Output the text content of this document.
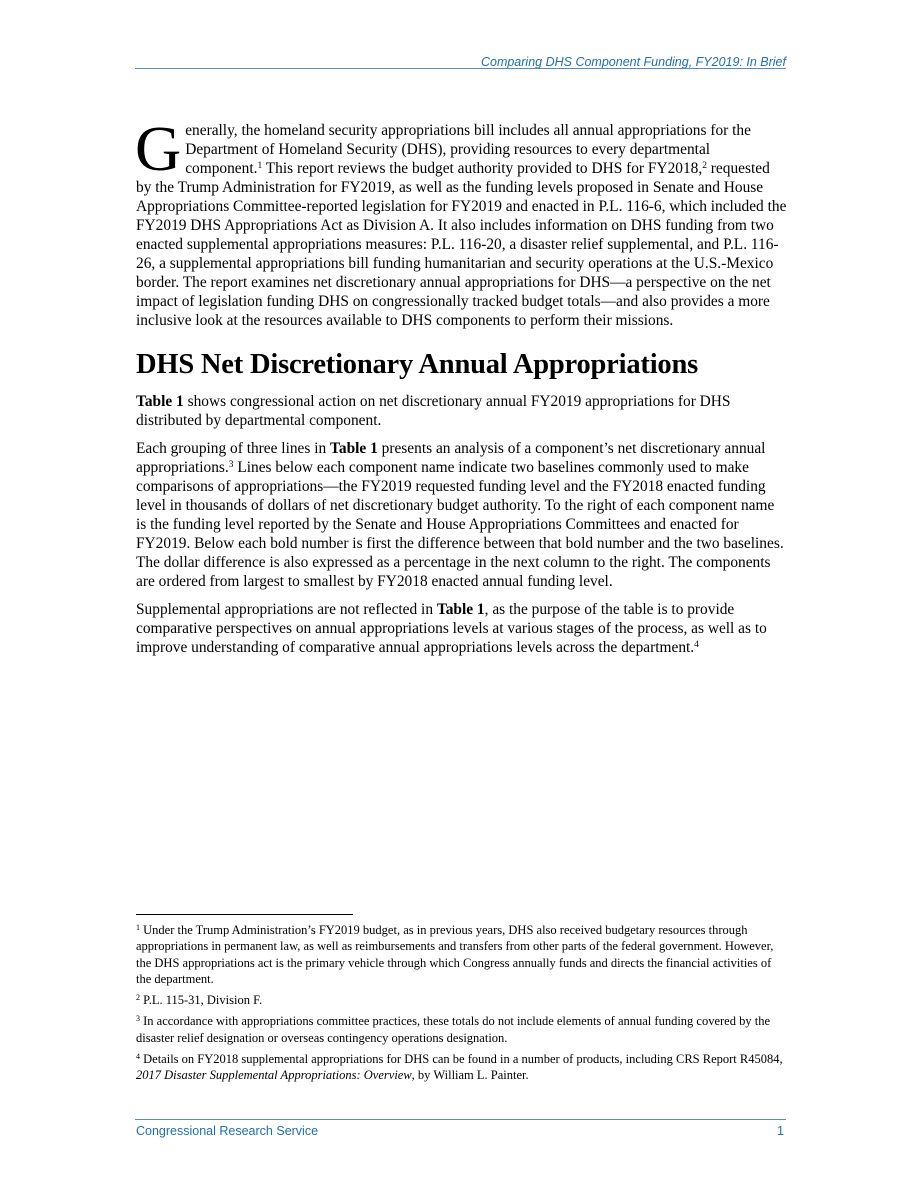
Comparing DHS Component Funding, FY2019: In Brief

Generally, the homeland security appropriations bill includes all annual appropriations for the Department of Homeland Security (DHS), providing resources to every departmental component.$^1$ This report reviews the budget authority provided to DHS for FY2018,$^2$ requested by the Trump Administration for FY2019, as well as the funding levels proposed in Senate and House Appropriations Committee-reported legislation for FY2019 and enacted in P.L. 116-6, which included the FY2019 DHS Appropriations Act as Division A. It also includes information on DHS funding from two enacted supplemental appropriations measures: P.L. 116-20, a disaster relief supplemental, and P.L. 116-26, a supplemental appropriations bill funding humanitarian and security operations at the U.S.-Mexico border. The report examines net discretionary annual appropriations for DHS—a perspective on the net impact of legislation funding DHS on congressionally tracked budget totals—and also provides a more inclusive look at the resources available to DHS components to perform their missions.

DHS Net Discretionary Annual Appropriations

Table 1 shows congressional action on net discretionary annual FY2019 appropriations for DHS distributed by departmental component.

Each grouping of three lines in Table 1 presents an analysis of a component’s net discretionary annual appropriations.$^3$ Lines below each component name indicate two baselines commonly used to make comparisons of appropriations—the FY2019 requested funding level and the FY2018 enacted funding level in thousands of dollars of net discretionary budget authority. To the right of each component name is the funding level reported by the Senate and House Appropriations Committees and enacted for FY2019. Below each bold number is first the difference between that bold number and the two baselines. The dollar difference is also expressed as a percentage in the next column to the right. The components are ordered from largest to smallest by FY2018 enacted annual funding level.

Supplemental appropriations are not reflected in Table 1, as the purpose of the table is to provide comparative perspectives on annual appropriations levels at various stages of the process, as well as to improve understanding of comparative annual appropriations levels across the department.$^4$

$^1$ Under the Trump Administration’s FY2019 budget, as in previous years, DHS also received budgetary resources through appropriations in permanent law, as well as reimbursements and transfers from other parts of the federal government. However, the DHS appropriations act is the primary vehicle through which Congress annually funds and directs the financial activities of the department.

$^2$ P.L. 115-31, Division F.

$^3$ In accordance with appropriations committee practices, these totals do not include elements of annual funding covered by the disaster relief designation or overseas contingency operations designation.

$^4$ Details on FY2018 supplemental appropriations for DHS can be found in a number of products, including CRS Report R45084, 2017 Disaster Supplemental Appropriations: Overview, by William L. Painter.

Congressional Research Service	1
